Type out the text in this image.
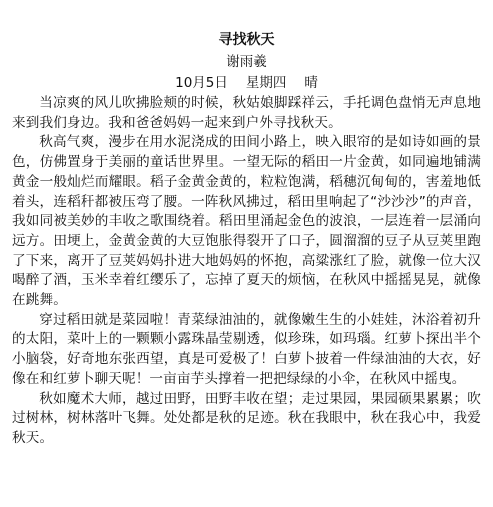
寻找秋天
谢雨羲
10月5日 星期四 晴

当凉爽的风儿吹拂脸颊的时候，秋姑娘脚踩祥云，手托调色盘悄无声息地来到我们身边。我和爸爸妈妈一起来到户外寻找秋天。

秋高气爽，漫步在用水泥浇成的田间小路上，映入眼帘的是如诗如画的景色，仿佛置身于美丽的童话世界里。一望无际的稻田一片金黄，如同遍地铺满黄金一般灿烂而耀眼。稻子金黄金黄的，粒粒饱满，稻穗沉甸甸的，害羞地低着头，连稻秆都被压弯了腰。一阵秋风拂过，稻田里响起了“沙沙沙”的声音，我如同被美妙的丰收之歌围绕着。稻田里涌起金色的波浪，一层连着一层涌向远方。田埂上，金黄金黄的大豆饱胀得裂开了口子，圆溜溜的豆子从豆荚里跑了下来，离开了豆荚妈妈扑进大地妈妈的怀抱，高粱涨红了脸，就像一位大汉喝醉了酒，玉米幸着红缨乐了，忘掉了夏天的烦恼，在秋风中摇摇晃晃，就像在跳舞。

穿过稻田就是菜园啦！青菜绿油油的，就像嫩生生的小娃娃，沐浴着初升的太阳，菜叶上的一颗颗小露珠晶莹剔透，似珍珠，如玛瑙。红萝卜探出半个小脑袋，好奇地东张西望，真是可爱极了！白萝卜披着一件绿油油的大衣，好像在和红萝卜聊天呢！一亩亩芋头撑着一把把绿绿的小伞，在秋风中摇曳。

秋如魔术大师，越过田野，田野丰收在望；走过果园，果园硕果累累；吹过树林，树林落叶飞舞。处处都是秋的足迹。秋在我眼中，秋在我心中，我爱秋天。
